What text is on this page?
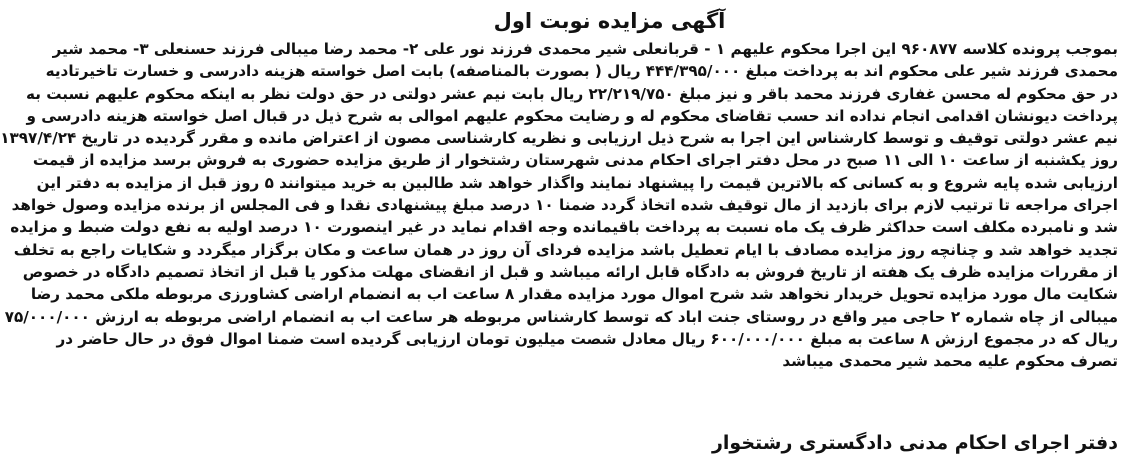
آگهی مزایده نوبت اول
بموجب پرونده کلاسه ۹۶۰۸۷۷ این اجرا محکوم علیهم ۱ - قربانعلی شیر محمدی فرزند نور علی ۲- محمد رضا میبالی فرزند حسنعلی ۳- محمد شیر
محمدی فرزند شیر علی محکوم اند به پرداخت مبلغ ۴۴۴/۳۹۵/۰۰۰ ریال ( بصورت بالمناصفه) بابت اصل خواسته هزینه دادرسی و خسارت تاخیرتادیه
در حق محکوم له محسن غفاری فرزند محمد باقر و نیز مبلغ ۲۲/۲۱۹/۷۵۰ ریال بابت نیم عشر دولتی در حق دولت نظر به اینکه محکوم علیهم نسبت به
پرداخت دیونشان اقدامی انجام نداده اند حسب تقاضای محکوم له و رضایت محکوم علیهم اموالی به شرح ذیل در قبال اصل خواسته هزینه دادرسی و
نیم عشر دولتی توقیف و توسط کارشناس این اجرا به شرح ذیل ارزیابی و نظریه کارشناسی مصون از اعتراض مانده و مقرر گردیده در تاریخ ۱۳۹۷/۴/۲۴
روز یکشنبه از ساعت ۱۰ الی ۱۱ صبح در محل دفتر اجرای احکام مدنی شهرستان رشتخوار از طریق مزایده حضوری به فروش برسد مزایده از قیمت
ارزیابی شده پایه شروع و به کسانی که بالاترین قیمت را پیشنهاد نمایند واگذار خواهد شد طالبین به خرید میتوانند ۵ روز قبل از مزایده به دفتر این
اجرای مراجعه تا ترتیب لازم برای بازدید از مال توقیف شده اتخاذ گردد ضمنا ۱۰ درصد مبلغ پیشنهادی نقدا و فی المجلس از برنده مزایده وصول خواهد
شد و نامبرده مکلف است حداکثر ظرف یک ماه نسبت به پرداخت باقیمانده وجه اقدام نماید در غیر اینصورت ۱۰ درصد اولیه به نفع دولت ضبط و مزایده
تجدید خواهد شد و چنانچه روز مزایده مصادف با ایام تعطیل باشد مزایده فردای آن روز در همان ساعت و مکان برگزار میگردد و شکایات راجع به تخلف
از مقررات مزایده ظرف یک هفته از تاریخ فروش به دادگاه قابل ارائه میباشد و قبل از انقضای مهلت مذکور یا قبل از اتخاذ تصمیم دادگاه در خصوص
شکایت مال مورد مزایده تحویل خریدار نخواهد شد شرح اموال مورد مزایده مقدار ۸ ساعت اب به انضمام اراضی کشاورزی مربوطه ملکی محمد رضا
میبالی از چاه شماره ۲ حاجی میر واقع در روستای جنت اباد که توسط کارشناس مربوطه هر ساعت اب به انضمام اراضی مربوطه به ارزش ۷۵/۰۰۰/۰۰۰
ریال که در مجموع ارزش ۸ ساعت به مبلغ ۶۰۰/۰۰۰/۰۰۰ ریال معادل شصت میلیون تومان ارزیابی گردیده است ضمنا اموال فوق در حال حاضر در
تصرف محکوم علیه محمد شیر محمدی میباشد
دفتر اجرای احکام مدنی دادگستری رشتخوار
